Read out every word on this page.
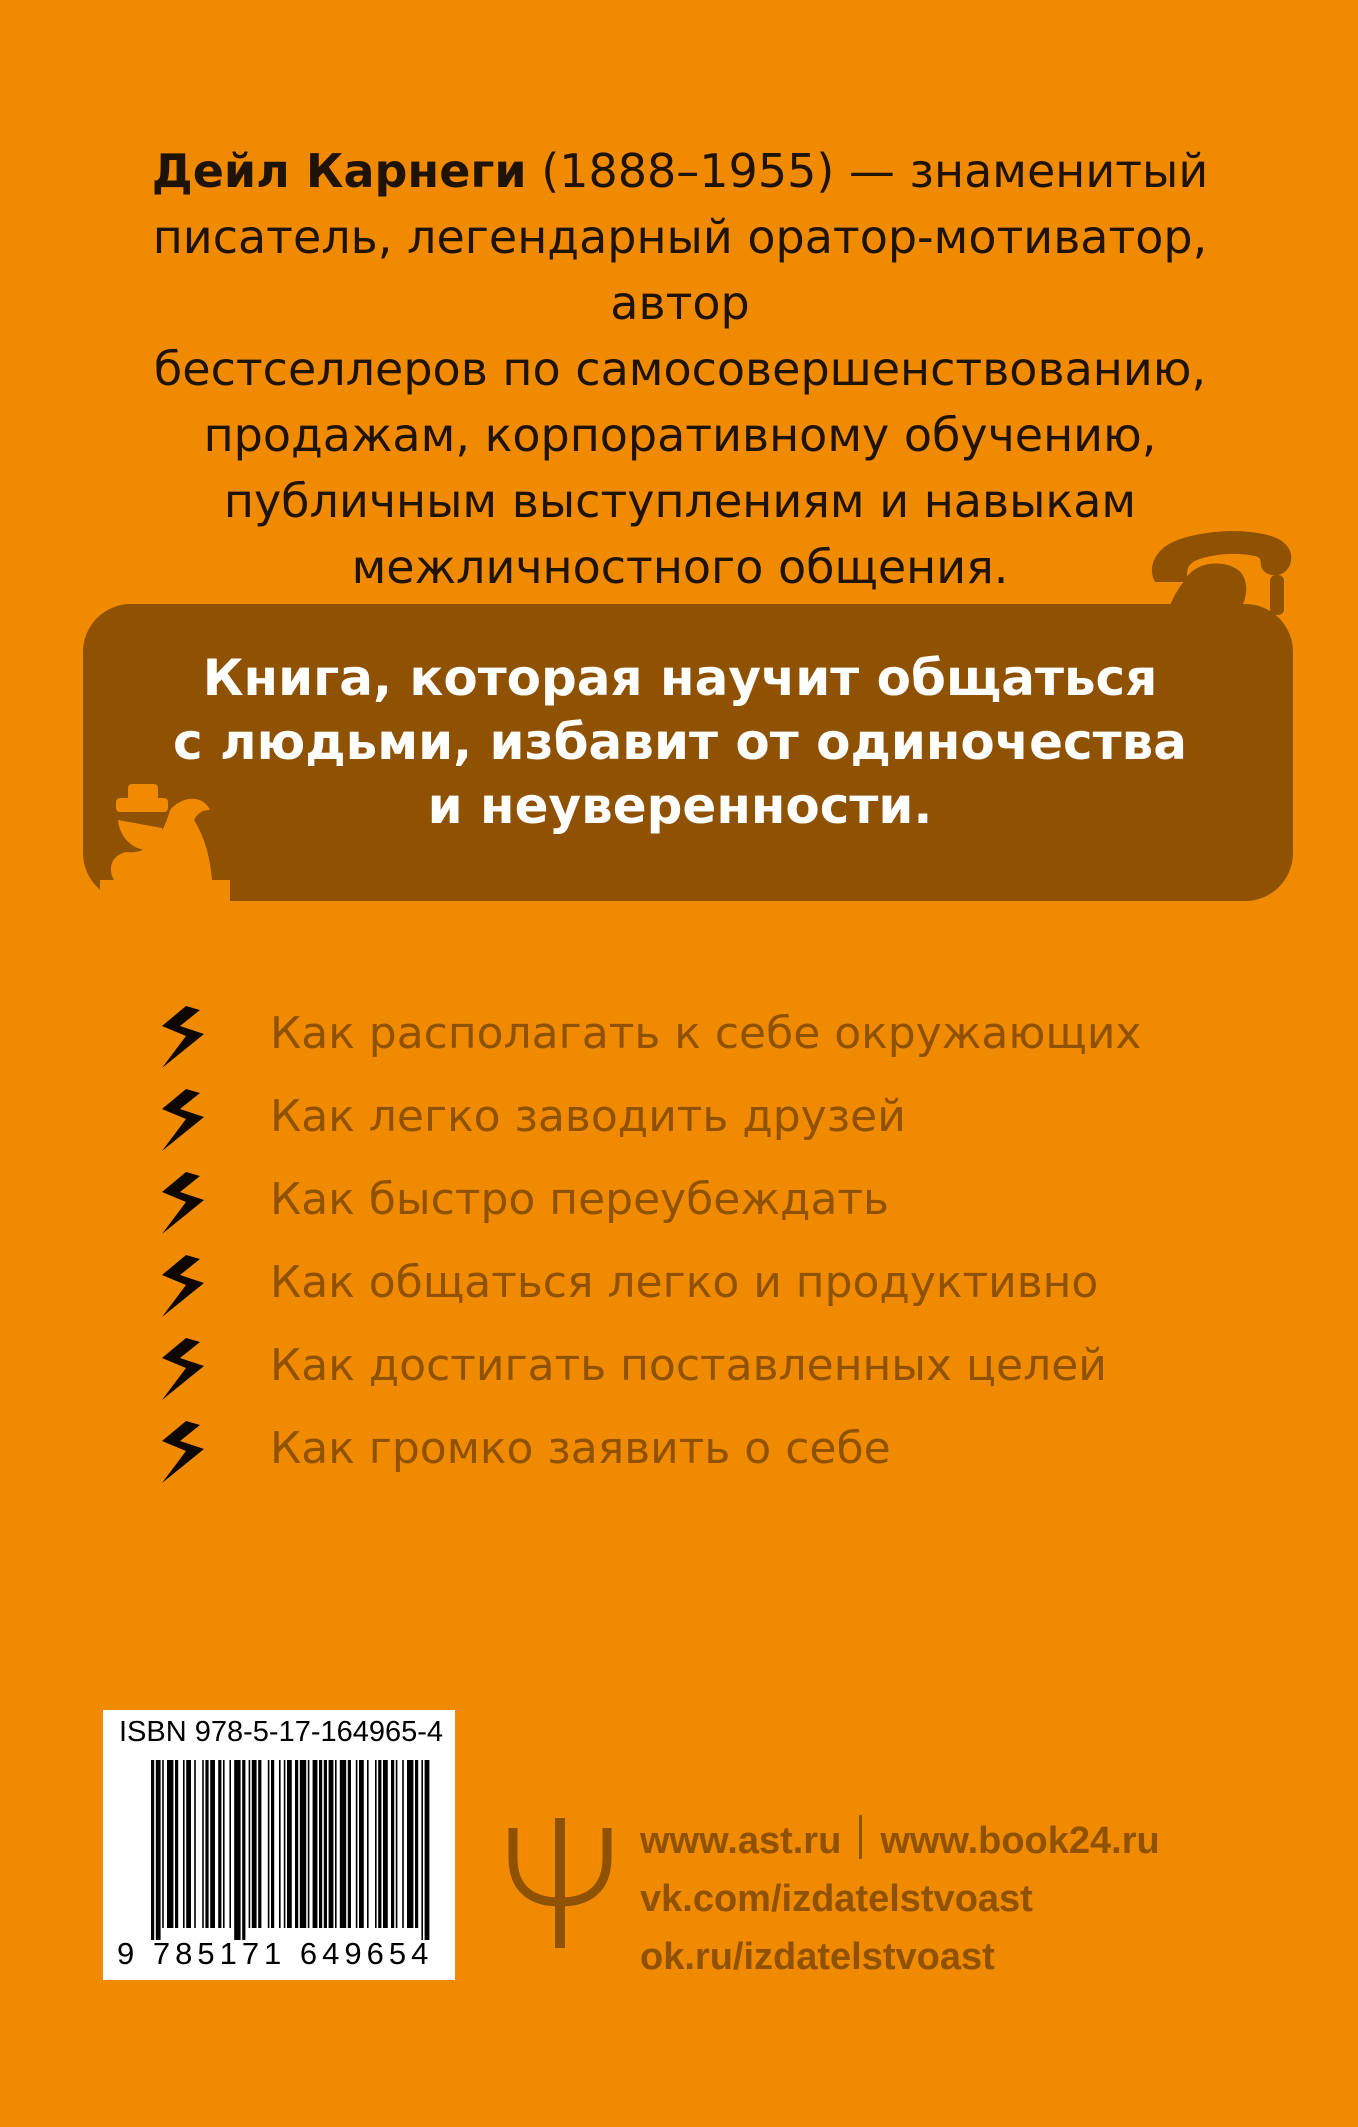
Дейл Карнеги (1888–1955) — знаменитый
писатель, легендарный оратор-мотиватор, автор
бестселлеров по самосовершенствованию,
продажам, корпоративному обучению,
публичным выступлениям и навыкам
межличностного общения.
Книга, которая научит общаться
с людьми, избавит от одиночества
и неуверенности.
Как располагать к себе окружающих
Как легко заводить друзей
Как быстро переубеждать
Как общаться легко и продуктивно
Как достигать поставленных целей
Как громко заявить о себе
ISBN 978-5-17-164965-4
9 785171 649654
www.ast.ru www.book24.ru
vk.com/izdatelstvoast
ok.ru/izdatelstvoast
